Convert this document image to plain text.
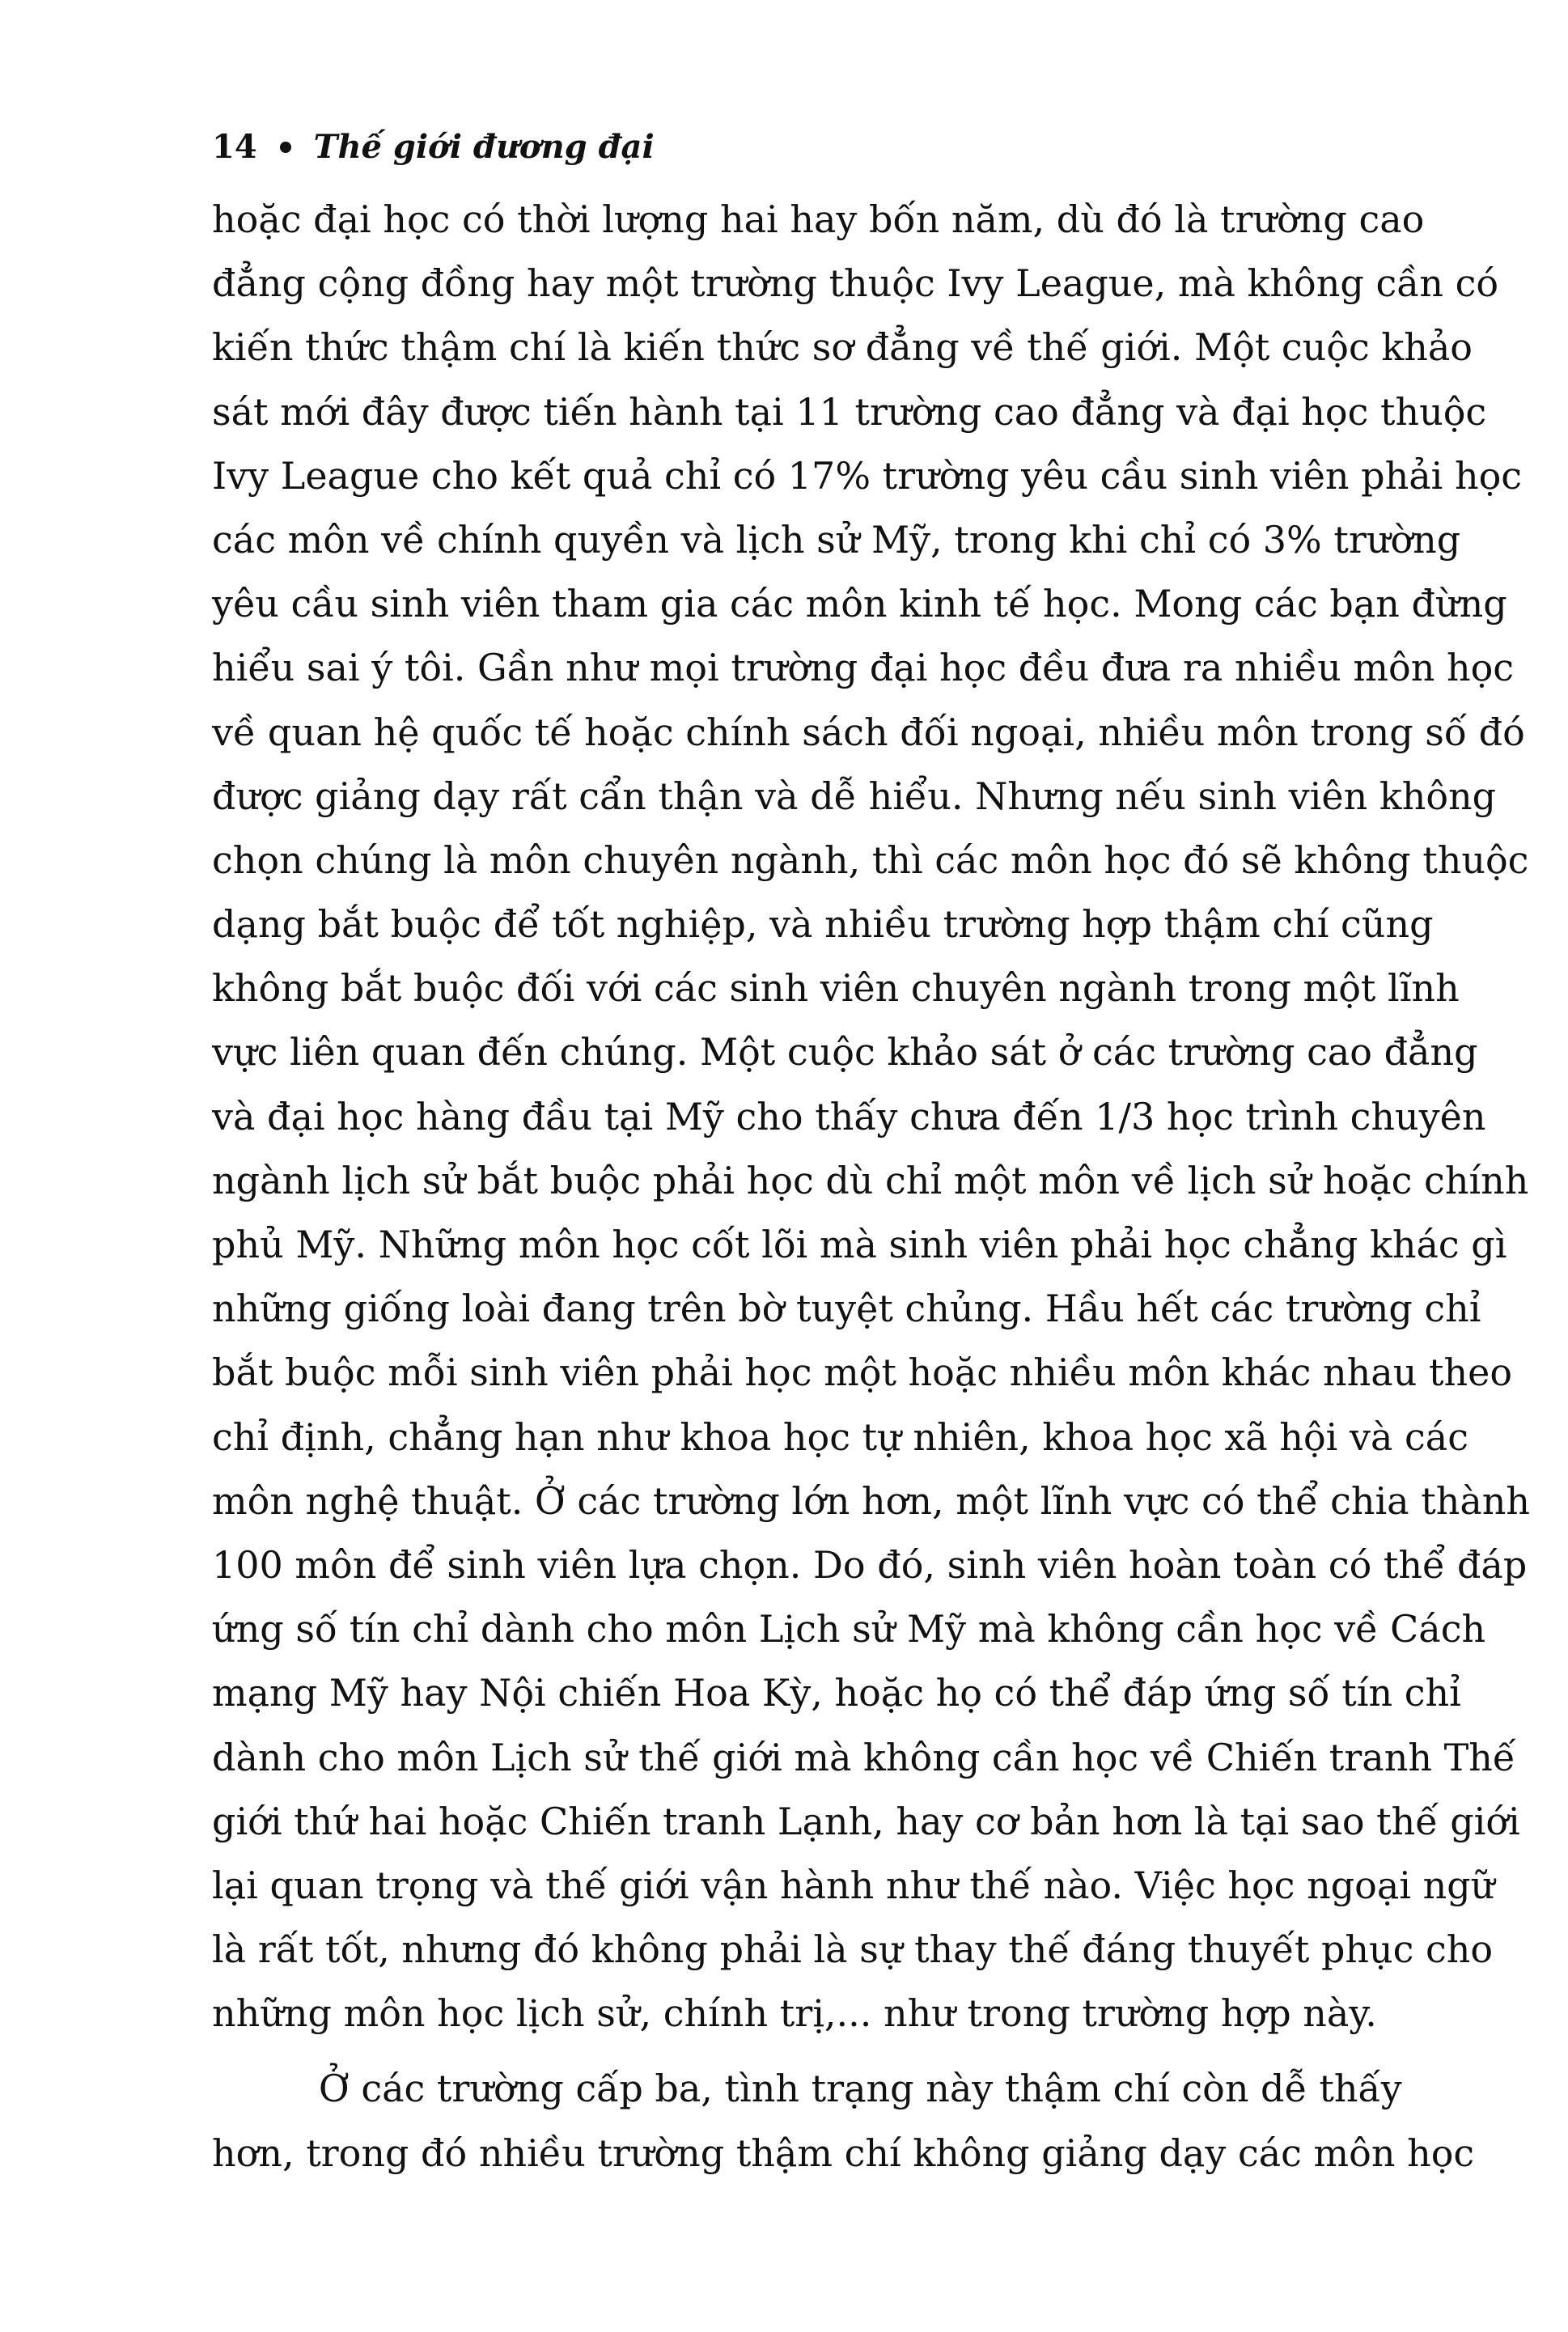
14 Thế giới đương đại
hoặc đại học có thời lượng hai hay bốn năm, dù đó là trường cao
đẳng cộng đồng hay một trường thuộc Ivy League, mà không cần có
kiến thức thậm chí là kiến thức sơ đẳng về thế giới. Một cuộc khảo
sát mới đây được tiến hành tại 11 trường cao đẳng và đại học thuộc
Ivy League cho kết quả chỉ có 17% trường yêu cầu sinh viên phải học
các môn về chính quyền và lịch sử Mỹ, trong khi chỉ có 3% trường
yêu cầu sinh viên tham gia các môn kinh tế học. Mong các bạn đừng
hiểu sai ý tôi. Gần như mọi trường đại học đều đưa ra nhiều môn học
về quan hệ quốc tế hoặc chính sách đối ngoại, nhiều môn trong số đó
được giảng dạy rất cẩn thận và dễ hiểu. Nhưng nếu sinh viên không
chọn chúng là môn chuyên ngành, thì các môn học đó sẽ không thuộc
dạng bắt buộc để tốt nghiệp, và nhiều trường hợp thậm chí cũng
không bắt buộc đối với các sinh viên chuyên ngành trong một lĩnh
vực liên quan đến chúng. Một cuộc khảo sát ở các trường cao đẳng
và đại học hàng đầu tại Mỹ cho thấy chưa đến 1/3 học trình chuyên
ngành lịch sử bắt buộc phải học dù chỉ một môn về lịch sử hoặc chính
phủ Mỹ. Những môn học cốt lõi mà sinh viên phải học chẳng khác gì
những giống loài đang trên bờ tuyệt chủng. Hầu hết các trường chỉ
bắt buộc mỗi sinh viên phải học một hoặc nhiều môn khác nhau theo
chỉ định, chẳng hạn như khoa học tự nhiên, khoa học xã hội và các
môn nghệ thuật. Ở các trường lớn hơn, một lĩnh vực có thể chia thành
100 môn để sinh viên lựa chọn. Do đó, sinh viên hoàn toàn có thể đáp
ứng số tín chỉ dành cho môn Lịch sử Mỹ mà không cần học về Cách
mạng Mỹ hay Nội chiến Hoa Kỳ, hoặc họ có thể đáp ứng số tín chỉ
dành cho môn Lịch sử thế giới mà không cần học về Chiến tranh Thế
giới thứ hai hoặc Chiến tranh Lạnh, hay cơ bản hơn là tại sao thế giới
lại quan trọng và thế giới vận hành như thế nào. Việc học ngoại ngữ
là rất tốt, nhưng đó không phải là sự thay thế đáng thuyết phục cho
những môn học lịch sử, chính trị,... như trong trường hợp này.
Ở các trường cấp ba, tình trạng này thậm chí còn dễ thấy
hơn, trong đó nhiều trường thậm chí không giảng dạy các môn học
